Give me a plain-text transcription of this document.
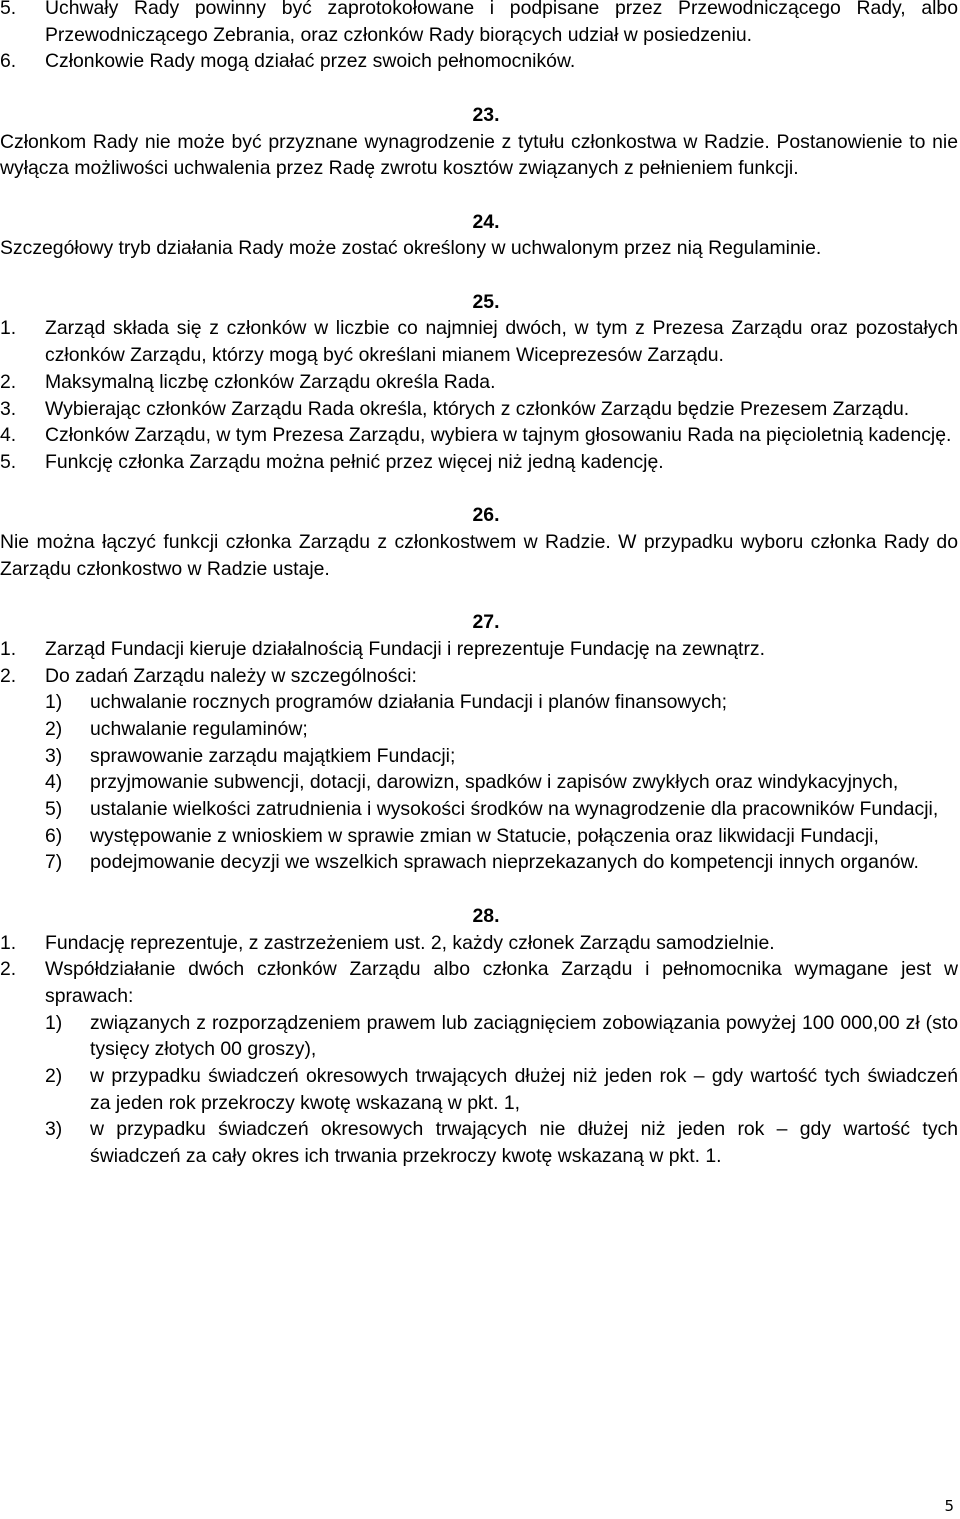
5.	Uchwały Rady powinny być zaprotokołowane i podpisane przez Przewodniczącego Rady, albo Przewodniczącego Zebrania, oraz członków Rady biorących udział w posiedzeniu.
6.	Członkowie Rady mogą działać przez swoich pełnomocników.

23.

Członkom Rady nie może być przyznane wynagrodzenie z tytułu członkostwa w Radzie. Postanowienie to nie wyłącza możliwości uchwalenia przez Radę zwrotu kosztów związanych z pełnieniem funkcji.

24.

Szczegółowy tryb działania Rady może zostać określony w uchwalonym przez nią Regulaminie.

25.

1.	Zarząd składa się z członków w liczbie co najmniej dwóch, w tym z Prezesa Zarządu oraz pozostałych członków Zarządu, którzy mogą być określani mianem Wiceprezesów Zarządu.
2.	Maksymalną liczbę członków Zarządu określa Rada.
3.	Wybierając członków Zarządu Rada określa, których z członków Zarządu będzie Prezesem Zarządu.
4.	Członków Zarządu, w tym Prezesa Zarządu, wybiera w tajnym głosowaniu Rada na pięcioletnią kadencję.
5.	Funkcję członka Zarządu można pełnić przez więcej niż jedną kadencję.

26.

Nie można łączyć funkcji członka Zarządu z członkostwem w Radzie. W przypadku wyboru członka Rady do Zarządu członkostwo w Radzie ustaje.

27.

1.	Zarząd Fundacji kieruje działalnością Fundacji i reprezentuje Fundację na zewnątrz.
2.	Do zadań Zarządu należy w szczególności:
1)	uchwalanie rocznych programów działania Fundacji i planów finansowych;
2)	uchwalanie regulaminów;
3)	sprawowanie zarządu majątkiem Fundacji;
4)	przyjmowanie subwencji, dotacji, darowizn, spadków i zapisów zwykłych oraz windykacyjnych,
5)	ustalanie wielkości zatrudnienia i wysokości środków na wynagrodzenie dla pracowników Fundacji,
6)	występowanie z wnioskiem w sprawie zmian w Statucie, połączenia oraz likwidacji Fundacji,
7)	podejmowanie decyzji we wszelkich sprawach nieprzekazanych do kompetencji innych organów.

28.

1.	Fundację reprezentuje, z zastrzeżeniem ust. 2, każdy członek Zarządu samodzielnie.
2.	Współdziałanie dwóch członków Zarządu albo członka Zarządu i pełnomocnika wymagane jest w sprawach:
1)	związanych z rozporządzeniem prawem lub zaciągnięciem zobowiązania powyżej 100 000,00 zł (sto tysięcy złotych 00 groszy),
2)	w przypadku świadczeń okresowych trwających dłużej niż jeden rok – gdy wartość tych świadczeń za jeden rok przekroczy kwotę wskazaną w pkt. 1,
3)	w przypadku świadczeń okresowych trwających nie dłużej niż jeden rok – gdy wartość tych świadczeń za cały okres ich trwania przekroczy kwotę wskazaną w pkt. 1.
5
